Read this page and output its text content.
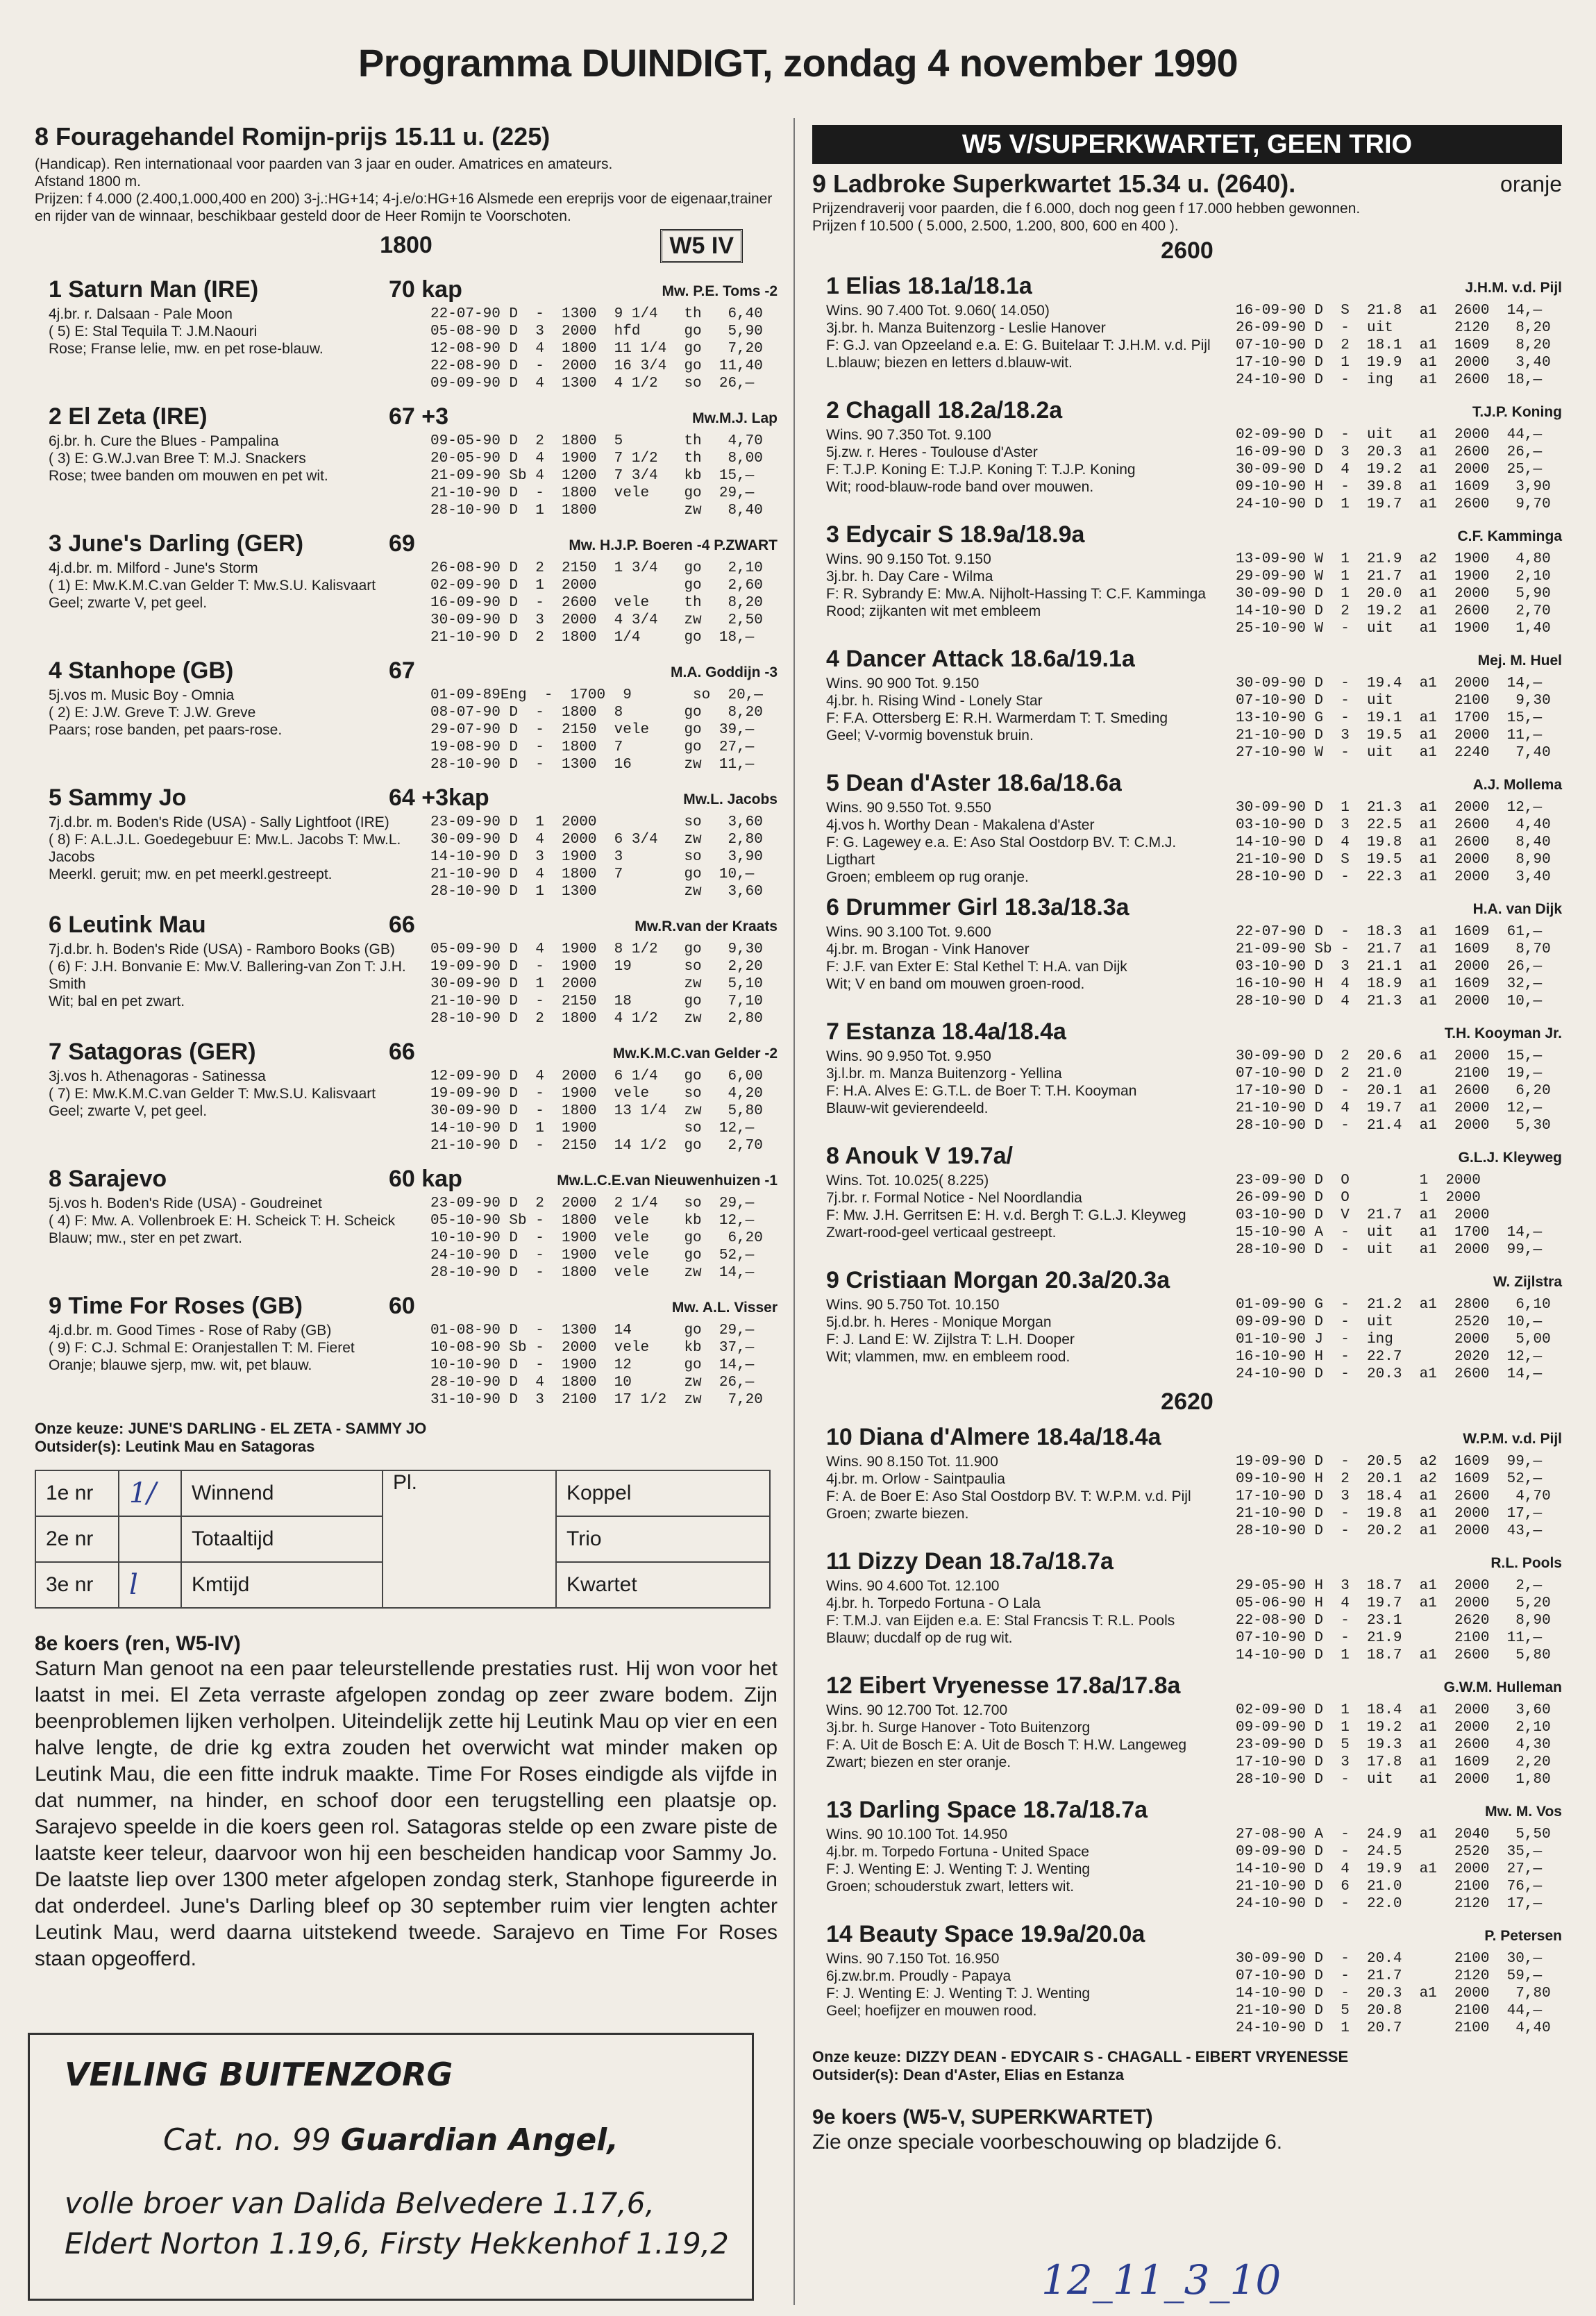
Programma DUINDIGT, zondag 4 november 1990
8 Fouragehandel Romijn-prijs 15.11 u. (225)

(Handicap). Ren internationaal voor paarden van 3 jaar en ouder. Amatrices en amateurs.

Afstand 1800 m.

Prijzen: f 4.000 (2.400,1.000,400 en 200) 3-j.:HG+14; 4-j.e/o:HG+16 Alsmede een ereprijs voor de eigenaar,trainer en rijder van de winnaar, beschikbaar gesteld door de Heer Romijn te Voorschoten.

1800	W5 IV
1 Saturn Man (IRE)	70 kap	Mw. P.E. Toms -2
4j.br. r. Dalsaan - Pale Moon
( 5) E: Stal Tequila T: J.M.Naouri
Rose; Franse lelie, mw. en pet rose-blauw.
22-07-90 D  -  1300  9 1/4   th   6,40
05-08-90 D  3  2000  hfd     go   5,90
12-08-90 D  4  1800  11 1/4  go   7,20
22-08-90 D  -  2000  16 3/4  go  11,40
09-09-90 D  4  1300  4 1/2   so  26,—
2 El Zeta (IRE)	67 +3	Mw.M.J. Lap
6j.br. h. Cure the Blues - Pampalina
( 3) E: G.W.J.van Bree T: M.J. Snackers
Rose; twee banden om mouwen en pet wit.
09-05-90 D  2  1800  5       th   4,70
20-05-90 D  4  1900  7 1/2   th   8,00
21-09-90 Sb 4  1200  7 3/4   kb  15,—
21-10-90 D  -  1800  vele    go  29,—
28-10-90 D  1  1800          zw   8,40
3 June's Darling (GER)	69	Mw. H.J.P. Boeren -4 P.ZWART
4j.d.br. m. Milford - June's Storm
( 1) E: Mw.K.M.C.van Gelder T: Mw.S.U. Kalisvaart
Geel; zwarte V, pet geel.
26-08-90 D  2  2150  1 3/4   go   2,10
02-09-90 D  1  2000          go   2,60
16-09-90 D  -  2600  vele    th   8,20
30-09-90 D  3  2000  4 3/4   zw   2,50
21-10-90 D  2  1800  1/4     go  18,—
4 Stanhope (GB)	67	M.A. Goddijn -3
5j.vos m. Music Boy - Omnia
( 2) E: J.W. Greve T: J.W. Greve
Paars; rose banden, pet paars-rose.
01-09-89Eng  -  1700  9       so  20,—
08-07-90 D  -  1800  8       go   8,20
29-07-90 D  -  2150  vele    go  39,—
19-08-90 D  -  1800  7       go  27,—
28-10-90 D  -  1300  16      zw  11,—
5 Sammy Jo	64 +3kap	Mw.L. Jacobs
7j.d.br. m. Boden's Ride (USA) - Sally Lightfoot (IRE)
( 8) F: A.L.J.L. Goedegebuur E: Mw.L. Jacobs T: Mw.L. Jacobs
Meerkl. geruit; mw. en pet meerkl.gestreept.
23-09-90 D  1  2000          so   3,60
30-09-90 D  4  2000  6 3/4   zw   2,80
14-10-90 D  3  1900  3       so   3,90
21-10-90 D  4  1800  7       go  10,—
28-10-90 D  1  1300          zw   3,60
6 Leutink Mau	66	Mw.R.van der Kraats
7j.d.br. h. Boden's Ride (USA) - Ramboro Books (GB)
( 6) F: J.H. Bonvanie E: Mw.V. Ballering-van Zon T: J.H. Smith
Wit; bal en pet zwart.
05-09-90 D  4  1900  8 1/2   go   9,30
19-09-90 D  -  1900  19      so   2,20
30-09-90 D  1  2000          zw   5,10
21-10-90 D  -  2150  18      go   7,10
28-10-90 D  2  1800  4 1/2   zw   2,80
7 Satagoras (GER)	66	Mw.K.M.C.van Gelder -2
3j.vos h. Athenagoras - Satinessa
( 7) E: Mw.K.M.C.van Gelder T: Mw.S.U. Kalisvaart
Geel; zwarte V, pet geel.
12-09-90 D  4  2000  6 1/4   go   6,00
19-09-90 D  -  1900  vele    so   4,20
30-09-90 D  -  1800  13 1/4  zw   5,80
14-10-90 D  1  1900          so  12,—
21-10-90 D  -  2150  14 1/2  go   2,70
8 Sarajevo	60 kap	Mw.L.C.E.van Nieuwenhuizen -1
5j.vos h. Boden's Ride (USA) - Goudreinet
( 4) F: Mw. A. Vollenbroek E: H. Scheick T: H. Scheick
Blauw; mw., ster en pet zwart.
23-09-90 D  2  2000  2 1/4   so  29,—
05-10-90 Sb -  1800  vele    kb  12,—
10-10-90 D  -  1900  vele    go   6,20
24-10-90 D  -  1900  vele    go  52,—
28-10-90 D  -  1800  vele    zw  14,—
9 Time For Roses (GB)	60	Mw. A.L. Visser
4j.d.br. m. Good Times - Rose of Raby (GB)
( 9) F: C.J. Schmal E: Oranjestallen T: M. Fieret
Oranje; blauwe sjerp, mw. wit, pet blauw.
01-08-90 D  -  1300  14      go  29,—
10-08-90 Sb -  2000  vele    kb  37,—
10-10-90 D  -  1900  12      go  14,—
28-10-90 D  4  1800  10      zw  26,—
31-10-90 D  3  2100  17 1/2  zw   7,20
Onze keuze: JUNE'S DARLING - EL ZETA - SAMMY JO
Outsider(s): Leutink Mau en Satagoras
1e nr	1/	Winnend	Pl.	Koppel
2e nr		Totaaltijd		Trio
3e nr	l	Kmtijd		Kwartet
8e koers (ren, W5-IV)
Saturn Man genoot na een paar teleurstellende prestaties rust. Hij won voor het laatst in mei. El Zeta verraste afgelopen zondag op zeer zware bodem. Zijn beenproblemen lijken verholpen. Uiteindelijk zette hij Leutink Mau op vier en een halve lengte, de drie kg extra zouden het overwicht wat minder maken op Leutink Mau, die een fitte indruk maakte. Time For Roses eindigde als vijfde in dat nummer, na hinder, en schoof door een terugstelling een plaatsje op. Sarajevo speelde in die koers geen rol. Satagoras stelde op een zware piste de laatste keer teleur, daarvoor won hij een bescheiden handicap voor Sammy Jo. De laatste liep over 1300 meter afgelopen zondag sterk, Stanhope figureerde in dat onderdeel. June's Darling bleef op 30 september ruim vier lengten achter Leutink Mau, werd daarna uitstekend tweede. Sarajevo en Time For Roses staan opgeofferd.
VEILING BUITENZORG
Cat. no. 99 Guardian Angel,
volle broer van Dalida Belvedere 1.17,6, Eldert Norton 1.19,6, Firsty Hekkenhof 1.19,2
W5 V/SUPERKWARTET, GEEN TRIO
9 Ladbroke Superkwartet 15.34 u. (2640).	oranje

Prijzendraverij voor paarden, die f 6.000, doch nog geen f 17.000 hebben gewonnen.

Prijzen f 10.500 ( 5.000, 2.500, 1.200, 800, 600 en 400 ).

2600
1 Elias 18.1a/18.1a	J.H.M. v.d. Pijl
Wins. 90 7.400 Tot. 9.060( 14.050)
3j.br. h. Manza Buitenzorg - Leslie Hanover
F: G.J. van Opzeeland e.a. E: G. Buitelaar T: J.H.M. v.d. Pijl
L.blauw; biezen en letters d.blauw-wit.
16-09-90 D  S  21.8  a1  2600  14,—
26-09-90 D  -  uit       2120   8,20
07-10-90 D  2  18.1  a1  1609   8,20
17-10-90 D  1  19.9  a1  2000   3,40
24-10-90 D  -  ing   a1  2600  18,—
2 Chagall 18.2a/18.2a	T.J.P. Koning
Wins. 90 7.350 Tot. 9.100
5j.zw. r. Heres - Toulouse d'Aster
F: T.J.P. Koning E: T.J.P. Koning T: T.J.P. Koning
Wit; rood-blauw-rode band over mouwen.
02-09-90 D  -  uit   a1  2000  44,—
16-09-90 D  3  20.3  a1  2600  26,—
30-09-90 D  4  19.2  a1  2000  25,—
09-10-90 H  -  39.8  a1  1609   3,90
24-10-90 D  1  19.7  a1  2600   9,70
3 Edycair S 18.9a/18.9a	C.F. Kamminga
Wins. 90 9.150 Tot. 9.150
3j.br. h. Day Care - Wilma
F: R. Sybrandy E: Mw.A. Nijholt-Hassing T: C.F. Kamminga
Rood; zijkanten wit met embleem
13-09-90 W  1  21.9  a2  1900   4,80
29-09-90 W  1  21.7  a1  1900   2,10
30-09-90 D  1  20.0  a1  2000   5,90
14-10-90 D  2  19.2  a1  2600   2,70
25-10-90 W  -  uit   a1  1900   1,40
4 Dancer Attack 18.6a/19.1a	Mej. M. Huel
Wins. 90 900 Tot. 9.150
4j.br. h. Rising Wind - Lonely Star
F: F.A. Ottersberg E: R.H. Warmerdam T: T. Smeding
Geel; V-vormig bovenstuk bruin.
30-09-90 D  -  19.4  a1  2000  14,—
07-10-90 D  -  uit       2100   9,30
13-10-90 G  -  19.1  a1  1700  15,—
21-10-90 D  3  19.5  a1  2000  11,—
27-10-90 W  -  uit   a1  2240   7,40
5 Dean d'Aster 18.6a/18.6a	A.J. Mollema
Wins. 90 9.550 Tot. 9.550
4j.vos h. Worthy Dean - Makalena d'Aster
F: G. Lagewey e.a. E: Aso Stal Oostdorp BV. T: C.M.J. Ligthart
Groen; embleem op rug oranje.
30-09-90 D  1  21.3  a1  2000  12,—
03-10-90 D  3  22.5  a1  2600   4,40
14-10-90 D  4  19.8  a1  2600   8,40
21-10-90 D  S  19.5  a1  2000   8,90
28-10-90 D  -  22.3  a1  2000   3,40
6 Drummer Girl 18.3a/18.3a	H.A. van Dijk
Wins. 90 3.100 Tot. 9.600
4j.br. m. Brogan - Vink Hanover
F: J.F. van Exter E: Stal Kethel T: H.A. van Dijk
Wit; V en band om mouwen groen-rood.
22-07-90 D  -  18.3  a1  1609  61,—
21-09-90 Sb -  21.7  a1  1609   8,70
03-10-90 D  3  21.1  a1  2000  26,—
16-10-90 H  4  18.9  a1  1609  32,—
28-10-90 D  4  21.3  a1  2000  10,—
7 Estanza 18.4a/18.4a	T.H. Kooyman Jr.
Wins. 90 9.950 Tot. 9.950
3j.l.br. m. Manza Buitenzorg - Yellina
F: H.A. Alves E: G.T.L. de Boer T: T.H. Kooyman
Blauw-wit gevierendeeld.
30-09-90 D  2  20.6  a1  2000  15,—
07-10-90 D  2  21.0      2100  19,—
17-10-90 D  -  20.1  a1  2600   6,20
21-10-90 D  4  19.7  a1  2000  12,—
28-10-90 D  -  21.4  a1  2000   5,30
8 Anouk V 19.7a/	G.L.J. Kleyweg
Wins. Tot. 10.025( 8.225)
7j.br. r. Formal Notice - Nel Noordlandia
F: Mw. J.H. Gerritsen E: H. v.d. Bergh T: G.L.J. Kleyweg
Zwart-rood-geel verticaal gestreept.
23-09-90 D  O        1  2000
26-09-90 D  O        1  2000
03-10-90 D  V  21.7  a1  2000
15-10-90 A  -  uit   a1  1700  14,—
28-10-90 D  -  uit   a1  2000  99,—
9 Cristiaan Morgan 20.3a/20.3a	W. Zijlstra
Wins. 90 5.750 Tot. 10.150
5j.d.br. h. Heres - Monique Morgan
F: J. Land E: W. Zijlstra T: L.H. Dooper
Wit; vlammen, mw. en embleem rood.
01-09-90 G  -  21.2  a1  2800   6,10
09-09-90 D  -  uit       2520  10,—
01-10-90 J  -  ing       2000   5,00
16-10-90 H  -  22.7      2020  12,—
24-10-90 D  -  20.3  a1  2600  14,—
2620
10 Diana d'Almere 18.4a/18.4a	W.P.M. v.d. Pijl
Wins. 90 8.150 Tot. 11.900
4j.br. m. Orlow - Saintpaulia
F: A. de Boer E: Aso Stal Oostdorp BV. T: W.P.M. v.d. Pijl
Groen; zwarte biezen.
19-09-90 D  -  20.5  a2  1609  99,—
09-10-90 H  2  20.1  a2  1609  52,—
17-10-90 D  3  18.4  a1  2600   4,70
21-10-90 D  -  19.8  a1  2000  17,—
28-10-90 D  -  20.2  a1  2000  43,—
11 Dizzy Dean 18.7a/18.7a	R.L. Pools
Wins. 90 4.600 Tot. 12.100
4j.br. h. Torpedo Fortuna - O Lala
F: T.M.J. van Eijden e.a. E: Stal Francsis T: R.L. Pools
Blauw; ducdalf op de rug wit.
29-05-90 H  3  18.7  a1  2000   2,—
05-06-90 H  4  19.7  a1  2000   5,20
22-08-90 D  -  23.1      2620   8,90
07-10-90 D  -  21.9      2100  11,—
14-10-90 D  1  18.7  a1  2600   5,80
12 Eibert Vryenesse 17.8a/17.8a	G.W.M. Hulleman
Wins. 90 12.700 Tot. 12.700
3j.br. h. Surge Hanover - Toto Buitenzorg
F: A. Uit de Bosch E: A. Uit de Bosch T: H.W. Langeweg
Zwart; biezen en ster oranje.
02-09-90 D  1  18.4  a1  2000   3,60
09-09-90 D  1  19.2  a1  2000   2,10
23-09-90 D  5  19.3  a1  2600   4,30
17-10-90 D  3  17.8  a1  1609   2,20
28-10-90 D  -  uit   a1  2000   1,80
13 Darling Space 18.7a/18.7a	Mw. M. Vos
Wins. 90 10.100 Tot. 14.950
4j.br. m. Torpedo Fortuna - United Space
F: J. Wenting E: J. Wenting T: J. Wenting
Groen; schouderstuk zwart, letters wit.
27-08-90 A  -  24.9  a1  2040   5,50
09-09-90 D  -  24.5      2520  35,—
14-10-90 D  4  19.9  a1  2000  27,—
21-10-90 D  6  21.0      2100  76,—
24-10-90 D  -  22.0      2120  17,—
14 Beauty Space 19.9a/20.0a	P. Petersen
Wins. 90 7.150 Tot. 16.950
6j.zw.br.m. Proudly - Papaya
F: J. Wenting E: J. Wenting T: J. Wenting
Geel; hoefijzer en mouwen rood.
30-09-90 D  -  20.4      2100  30,—
07-10-90 D  -  21.7      2120  59,—
14-10-90 D  -  20.3  a1  2000   7,80
21-10-90 D  5  20.8      2100  44,—
24-10-90 D  1  20.7      2100   4,40
Onze keuze: DIZZY DEAN - EDYCAIR S - CHAGALL - EIBERT VRYENESSE
Outsider(s): Dean d'Aster, Elias en Estanza
9e koers (W5-V, SUPERKWARTET)
Zie onze speciale voorbeschouwing op bladzijde 6.
12_11_3_10
